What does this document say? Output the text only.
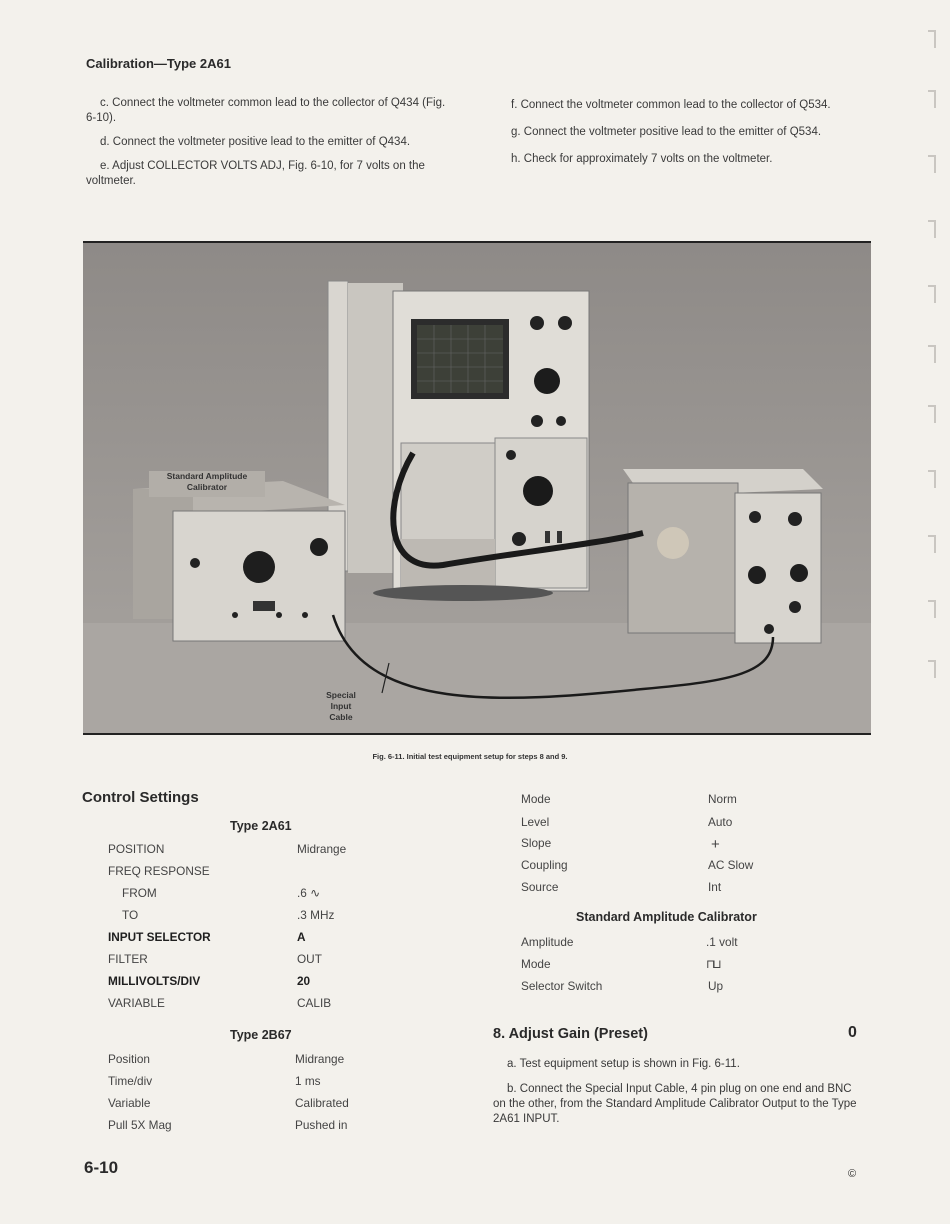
Calibration—Type 2A61

c. Connect the voltmeter common lead to the collector of Q434 (Fig. 6-10).

d. Connect the voltmeter positive lead to the emitter of Q434.

e. Adjust COLLECTOR VOLTS ADJ, Fig. 6-10, for 7 volts on the voltmeter.

f. Connect the voltmeter common lead to the collector of Q534.

g. Connect the voltmeter positive lead to the emitter of Q534.

h. Check for approximately 7 volts on the voltmeter.

Standard Amplitude
Calibrator
Special
Input
Cable
Fig. 6-11. Initial test equipment setup for steps 8 and 9.
Control Settings
Type 2A61
POSITION	Midrange
FREQ RESPONSE
FROM	.6 ∿
TO	.3 MHz
INPUT SELECTOR	A
FILTER	OUT
MILLIVOLTS/DIV	20
VARIABLE	CALIB
Type 2B67
Position	Midrange
Time/div	1 ms
Variable	Calibrated
Pull 5X Mag	Pushed in
Mode	Norm
Level	Auto
Slope	+
Coupling	AC Slow
Source	Int
Standard Amplitude Calibrator
Amplitude	.1 volt
Mode	⊓⊔
Selector Switch	Up
8. Adjust Gain (Preset)	0

a. Test equipment setup is shown in Fig. 6-11.

b. Connect the Special Input Cable, 4 pin plug on one end and BNC on the other, from the Standard Amplitude Calibrator Output to the Type 2A61 INPUT.

6-10	©
